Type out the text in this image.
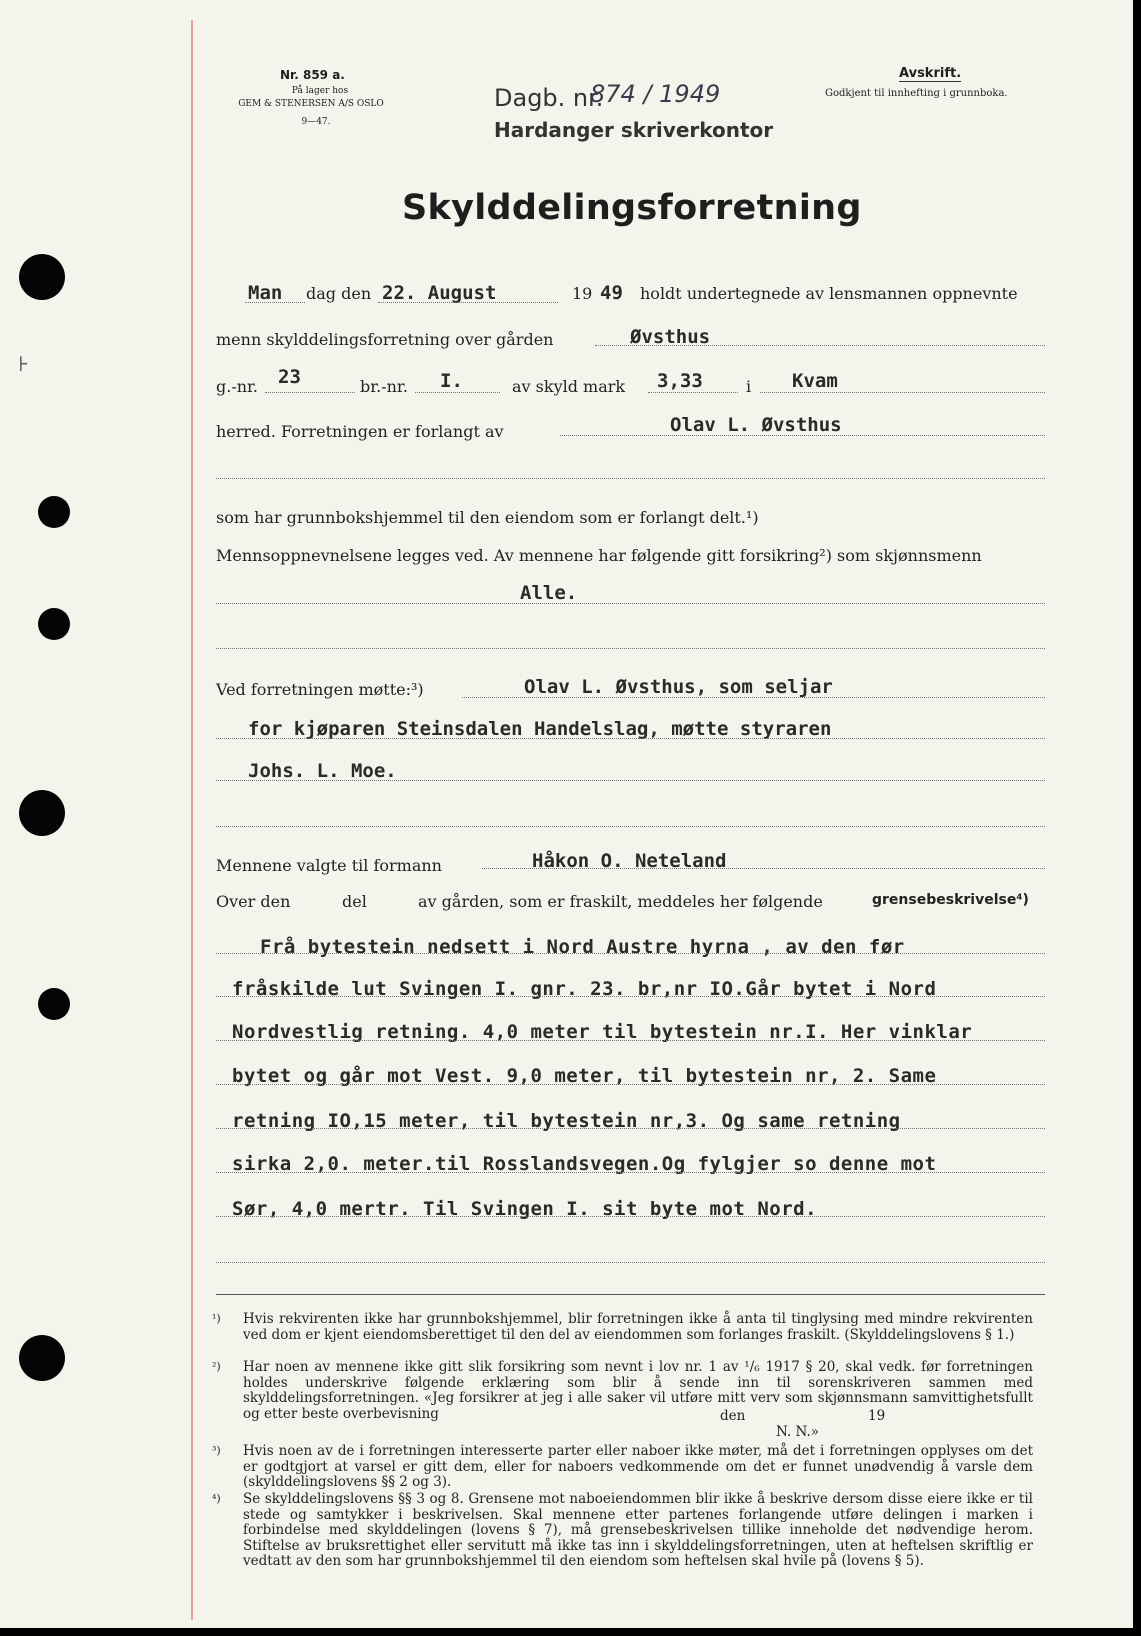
⊦
Nr. 859 a.
På lager hos
GEM & STENERSEN A/S OSLO
9—47.
Dagb. nr.
874 / 1949
Hardanger skriverkontor
Avskrift.
Godkjent til innhefting i grunnboka.
Skylddelingsforretning
Man dag den 22. August	19 49 holdt undertegnede av lensmannen oppnevnte
menn skylddelingsforretning over gården	Øvsthus
g.-nr. 23	br.-nr. I.	av skyld mark 3,33	i Kvam
herred. Forretningen er forlangt av	Olav L. Øvsthus
som har grunnbokshjemmel til den eiendom som er forlangt delt.¹)
Mennsoppnevnelsene legges ved. Av mennene har følgende gitt forsikring²) som skjønnsmenn
Alle.
Ved forretningen møtte:³)	Olav L. Øvsthus, som seljar
for kjøparen Steinsdalen Handelslag, møtte styraren
Johs. L. Moe.
Mennene valgte til formann	Håkon O. Neteland
Over den	del	av gården, som er fraskilt, meddeles her følgende	grensebeskrivelse⁴)
Frå bytestein nedsett i Nord Austre hyrna , av den før
fråskilde lut Svingen I. gnr. 23. br,nr IO.Går bytet i Nord
Nordvestlig retning. 4,0 meter til bytestein nr.I. Her vinklar
bytet og går mot Vest. 9,0 meter, til bytestein nr, 2. Same
retning IO,15 meter, til bytestein nr,3. Og same retning
sirka 2,0. meter.til Rosslandsvegen.Og fylgjer so denne mot
Sør, 4,0 mertr. Til Svingen I. sit byte mot Nord.
¹) Hvis rekvirenten ikke har grunnbokshjemmel, blir forretningen ikke å anta til tinglysing med mindre rekvirenten ved dom er kjent eiendomsberettiget til den del av eiendommen som forlanges fraskilt. (Skylddelingslovens § 1.)
²) Har noen av mennene ikke gitt slik forsikring som nevnt i lov nr. 1 av ¹/₆ 1917 § 20, skal vedk. før forretningen holdes underskrive følgende erklæring som blir å sende inn til sorenskriveren sammen med skylddelingsforretningen. «Jeg forsikrer at jeg i alle saker vil utføre mitt verv som skjønnsmann samvittighetsfullt og etter beste overbevisning	den	19
N. N.»
³) Hvis noen av de i forretningen interesserte parter eller naboer ikke møter, må det i forretningen opplyses om det er godtgjort at varsel er gitt dem, eller for naboers vedkommende om det er funnet unødvendig å varsle dem (skylddelingslovens §§ 2 og 3).
⁴) Se skylddelingslovens §§ 3 og 8. Grensene mot naboeiendommen blir ikke å beskrive dersom disse eiere ikke er til stede og samtykker i beskrivelsen. Skal mennene etter partenes forlangende utføre delingen i marken i forbindelse med skylddelingen (lovens § 7), må grensebeskrivelsen tillike inneholde det nødvendige herom. Stiftelse av bruksrettighet eller servitutt må ikke tas inn i skylddelingsforretningen, uten at heftelsen skriftlig er vedtatt av den som har grunnbokshjemmel til den eiendom som heftelsen skal hvile på (lovens § 5).
